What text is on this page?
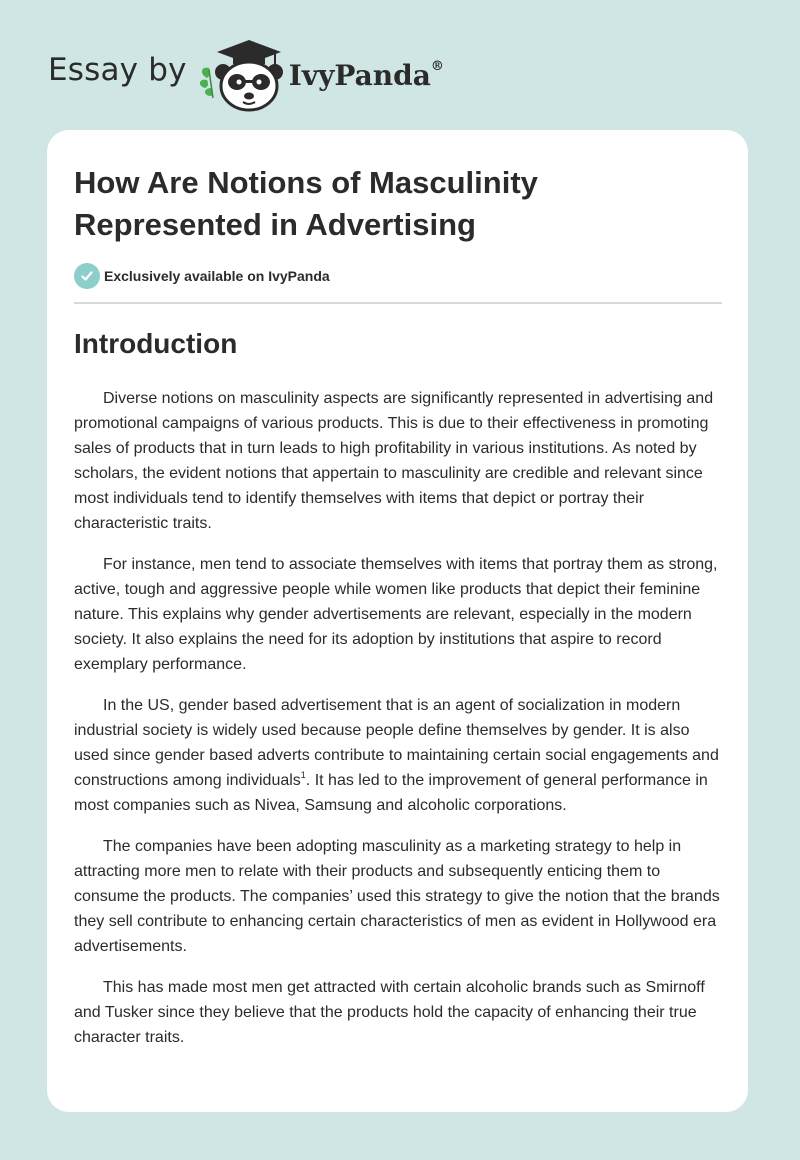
Essay by	IvyPanda®
How Are Notions of Masculinity Represented in Advertising
Exclusively available on IvyPanda
Introduction

Diverse notions on masculinity aspects are significantly represented in advertising and promotional campaigns of various products. This is due to their effectiveness in promoting sales of products that in turn leads to high profitability in various institutions. As noted by scholars, the evident notions that appertain to masculinity are credible and relevant since most individuals tend to identify themselves with items that depict or portray their characteristic traits.

For instance, men tend to associate themselves with items that portray them as strong, active, tough and aggressive people while women like products that depict their feminine nature. This explains why gender advertisements are relevant, especially in the modern society. It also explains the need for its adoption by institutions that aspire to record exemplary performance.

In the US, gender based advertisement that is an agent of socialization in modern industrial society is widely used because people define themselves by gender. It is also used since gender based adverts contribute to maintaining certain social engagements and constructions among individuals$^1$. It has led to the improvement of general performance in most companies such as Nivea, Samsung and alcoholic corporations.

The companies have been adopting masculinity as a marketing strategy to help in attracting more men to relate with their products and subsequently enticing them to consume the products. The companies’ used this strategy to give the notion that the brands they sell contribute to enhancing certain characteristics of men as evident in Hollywood era advertisements.

This has made most men get attracted with certain alcoholic brands such as Smirnoff and Tusker since they believe that the products hold the capacity of enhancing their true character traits.
